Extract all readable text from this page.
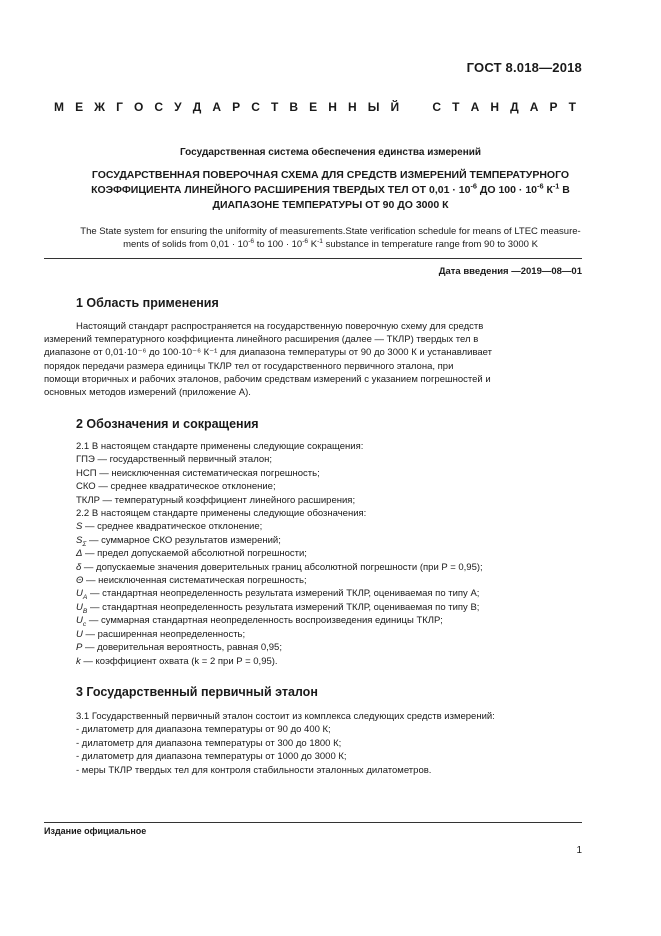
ГОСТ 8.018—2018
М Е Ж Г О С У Д А Р С Т В Е Н Н Ы Й	С Т А Н Д А Р Т
Государственная система обеспечения единства измерений
ГОСУДАРСТВЕННАЯ ПОВЕРОЧНАЯ СХЕМА ДЛЯ СРЕДСТВ ИЗМЕРЕНИЙ ТЕМПЕРАТУРНОГО
КОЭФФИЦИЕНТА ЛИНЕЙНОГО РАСШИРЕНИЯ ТВЕРДЫХ ТЕЛ ОТ $0,01 \cdot 10^{-6}$ ДО $100 \cdot 10^{-6}$ $К^{-1}$ В
ДИАПАЗОНЕ ТЕМПЕРАТУРЫ ОТ 90 ДО 3000 К
The State system for ensuring the uniformity of measurements.State verification schedule for means of LTEC measure-
ments of solids from $0,01 \cdot 10^{-6}$ to $100 \cdot 10^{-6}$ $K^{-1}$ substance in temperature range from 90 to 3000 K
Дата введения —2019—08—01
1 Область применения
Настоящий стандарт распространяется на государственную поверочную схему для средств
измерений температурного коэффициента линейного расширения (далее — ТКЛР) твердых тел в
диапазоне от 0,01·10⁻⁶ до 100·10⁻⁶ К⁻¹ для диапазона температуры от 90 до 3000 К и устанавливает
порядок передачи размера единицы ТКЛР тел от государственного первичного эталона, при
помощи вторичных и рабочих эталонов, рабочим средствам измерений с указанием погрешностей и
основных методов измерений (приложение А).
2 Обозначения и сокращения
2.1 В настоящем стандарте применены следующие сокращения:
ГПЭ — государственный первичный эталон;
НСП — неисключенная систематическая погрешность;
СКО — среднее квадратическое отклонение;
ТКЛР — температурный коэффициент линейного расширения;
2.2 В настоящем стандарте применены следующие обозначения:
S — среднее квадратическое отклонение;
$S_\Sigma$ — суммарное СКО результатов измерений;
Δ — предел допускаемой абсолютной погрешности;
δ — допускаемые значения доверительных границ абсолютной погрешности (при P = 0,95);
Θ — неисключенная систематическая погрешность;
$U_A$ — стандартная неопределенность результата измерений ТКЛР, оцениваемая по типу A;
$U_B$ — стандартная неопределенность результата измерений ТКЛР, оцениваемая по типу B;
$U_c$ — суммарная стандартная неопределенность воспроизведения единицы ТКЛР;
U — расширенная неопределенность;
P — доверительная вероятность, равная 0,95;
k — коэффициент охвата (k = 2 при P = 0,95).
3 Государственный первичный эталон
3.1 Государственный первичный эталон состоит из комплекса следующих средств измерений:
- дилатометр для диапазона температуры от 90 до 400 К;
- дилатометр для диапазона температуры от 300 до 1800 К;
- дилатометр для диапазона температуры от 1000 до 3000 К;
- меры ТКЛР твердых тел для контроля стабильности эталонных дилатометров.
Издание официальное
1
